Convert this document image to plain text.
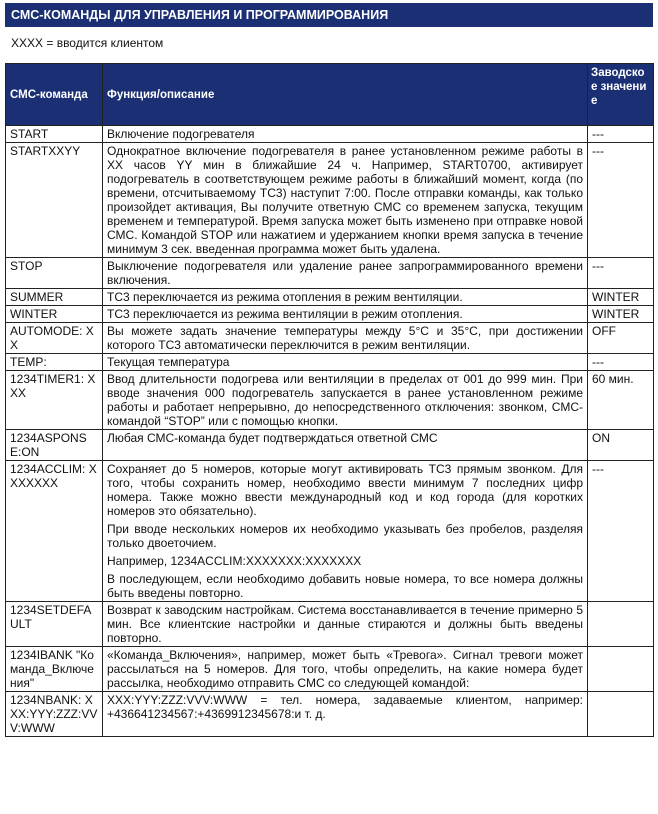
СМС-КОМАНДЫ ДЛЯ УПРАВЛЕНИЯ И ПРОГРАММИРОВАНИЯ
XXXX = вводится клиентом
СМС-команда	Функция/описание	Заводское значение
START	Включение подогревателя	---
STARTXXYY	Однократное включение подогревателя в ранее установленном режиме работы в XX часов YY мин в ближайшие 24 ч. Например, START0700, активирует подогреватель в соответствующем режиме работы в ближайший момент, когда (по времени, отсчитываемому TC3) наступит 7:00. После отправки команды, как только произойдет активация, Вы получите ответную СМС со временем запуска, текущим временем и температурой. Время запуска может быть изменено при отправке новой СМС. Командой STOP или нажатием и удержанием кнопки время запуска в течение минимум 3 сек. введенная программа может быть удалена.	---
STOP	Выключение подогревателя или удаление ранее запрограммированного времени включения.	---
SUMMER	TC3 переключается из режима отопления в режим вентиляции.	WINTER
WINTER	TC3 переключается из режима вентиляции в режим отопления.	WINTER
AUTOMODE: XX	Вы можете задать значение температуры между 5°C и 35°C, при достижении которого TC3 автоматически переключится в режим вентиляции.	OFF
TEMP:	Текущая температура	---
1234TIMER1: XXX	Ввод длительности подогрева или вентиляции в пределах от 001 до 999 мин. При вводе значения 000 подогреватель запускается в ранее установленном режиме работы и работает непрерывно, до непосредственного отключения: звонком, СМС-командой “STOP” или с помощью кнопки.	60 мин.
1234ASPONSE:ON	Любая СМС-команда будет подтверждаться ответной СМС	ON
1234ACCLIM: XXXXXXX	Сохраняет до 5 номеров, которые могут активировать TC3 прямым звонком. Для того, чтобы сохранить номер, необходимо ввести минимум 7 последних цифр номера. Также можно ввести международный код и код города (для коротких номеров это обязательно).

При вводе нескольких номеров их необходимо указывать без пробелов, разделяя только двоеточием.

Например, 1234ACCLIM:XXXXXXX:XXXXXXX

В последующем, если необходимо добавить новые номера, то все номера должны быть введены повторно.	---
1234SETDEFAULT	Возврат к заводским настройкам. Система восстанавливается в течение примерно 5 мин. Все клиентские настройки и данные стираются и должны быть введены повторно.	

1234IBANK "Команда_Включения"	«Команда_Включения», например, может быть «Тревога». Сигнал тревоги может рассылаться на 5 номеров. Для того, чтобы определить, на какие номера будет рассылка, необходимо отправить СМС со следующей командой:	

1234NBANK: XXX:YYY:ZZZ:VVV:WWW	XXX:YYY:ZZZ:VVV:WWW = тел. номера, задаваемые клиентом, например: +436641234567:+4369912345678:и т. д.	
